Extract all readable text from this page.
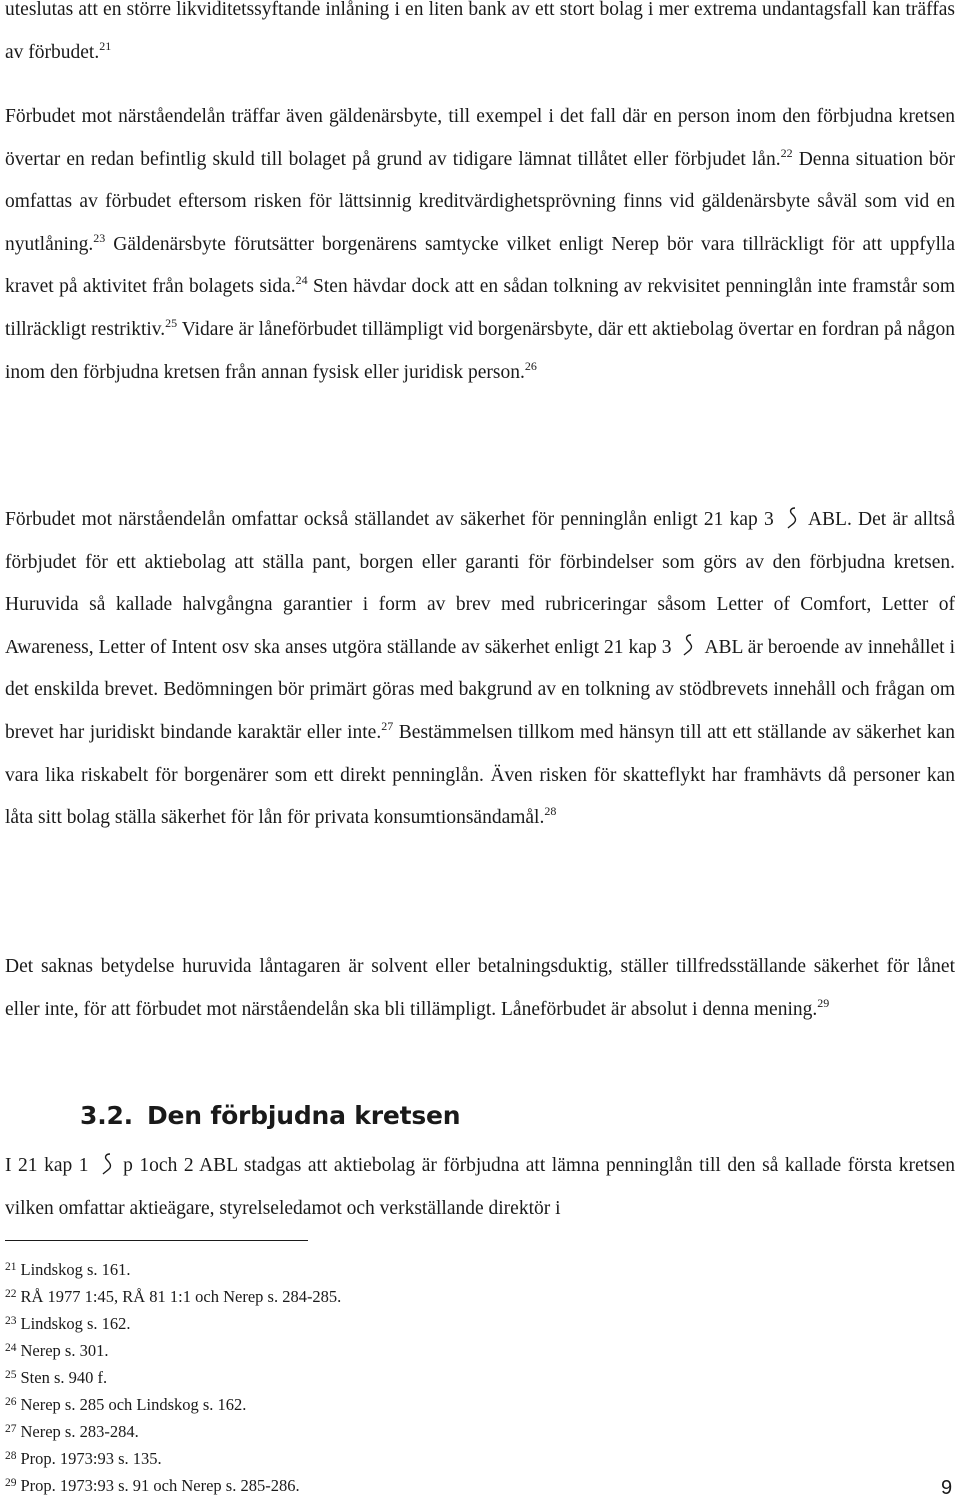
uteslutas att en större likviditetssyftande inlåning i en liten bank av ett stort bolag i mer extrema undantagsfall kan träffas av förbudet.$^{21}$

Förbudet mot närståendelån träffar även gäldenärsbyte, till exempel i det fall där en person inom den förbjudna kretsen övertar en redan befintlig skuld till bolaget på grund av tidigare lämnat tillåtet eller förbjudet lån.$^{22}$ Denna situation bör omfattas av förbudet eftersom risken för lättsinnig kreditvärdighetsprövning finns vid gäldenärsbyte såväl som vid en nyutlåning.$^{23}$ Gäldenärsbyte förutsätter borgenärens samtycke vilket enligt Nerep bör vara tillräckligt för att uppfylla kravet på aktivitet från bolagets sida.$^{24}$ Sten hävdar dock att en sådan tolkning av rekvisitet penninglån inte framstår som tillräckligt restriktiv.$^{25}$ Vidare är låneförbudet tillämpligt vid borgenärsbyte, där ett aktiebolag övertar en fordran på någon inom den förbjudna kretsen från annan fysisk eller juridisk person.$^{26}$

Förbudet mot närståendelån omfattar också ställandet av säkerhet för penninglån enligt 21 kap 3 ABL. Det är alltså förbjudet för ett aktiebolag att ställa pant, borgen eller garanti för förbindelser som görs av den förbjudna kretsen. Huruvida så kallade halvgångna garantier i form av brev med rubriceringar såsom Letter of Comfort, Letter of Awareness, Letter of Intent osv ska anses utgöra ställande av säkerhet enligt 21 kap 3 ABL är beroende av innehållet i det enskilda brevet. Bedömningen bör primärt göras med bakgrund av en tolkning av stödbrevets innehåll och frågan om brevet har juridiskt bindande karaktär eller inte.$^{27}$ Bestämmelsen tillkom med hänsyn till att ett ställande av säkerhet kan vara lika riskabelt för borgenärer som ett direkt penninglån. Även risken för skatteflykt har framhävts då personer kan låta sitt bolag ställa säkerhet för lån för privata konsumtionsändamål.$^{28}$

Det saknas betydelse huruvida låntagaren är solvent eller betalningsduktig, ställer tillfredsställande säkerhet för lånet eller inte, för att förbudet mot närståendelån ska bli tillämpligt. Låneförbudet är absolut i denna mening.$^{29}$

3.2. Den förbjudna kretsen

I 21 kap 1 p 1och 2 ABL stadgas att aktiebolag är förbjudna att lämna penninglån till den så kallade första kretsen vilken omfattar aktieägare, styrelseledamot och verkställande direktör i

$^{21}$ Lindskog s. 161.
$^{22}$ RÅ 1977 1:45, RÅ 81 1:1 och Nerep s. 284-285.
$^{23}$ Lindskog s. 162.
$^{24}$ Nerep s. 301.
$^{25}$ Sten s. 940 f.
$^{26}$ Nerep s. 285 och Lindskog s. 162.
$^{27}$ Nerep s. 283-284.
$^{28}$ Prop. 1973:93 s. 135.
$^{29}$ Prop. 1973:93 s. 91 och Nerep s. 285-286.	9
